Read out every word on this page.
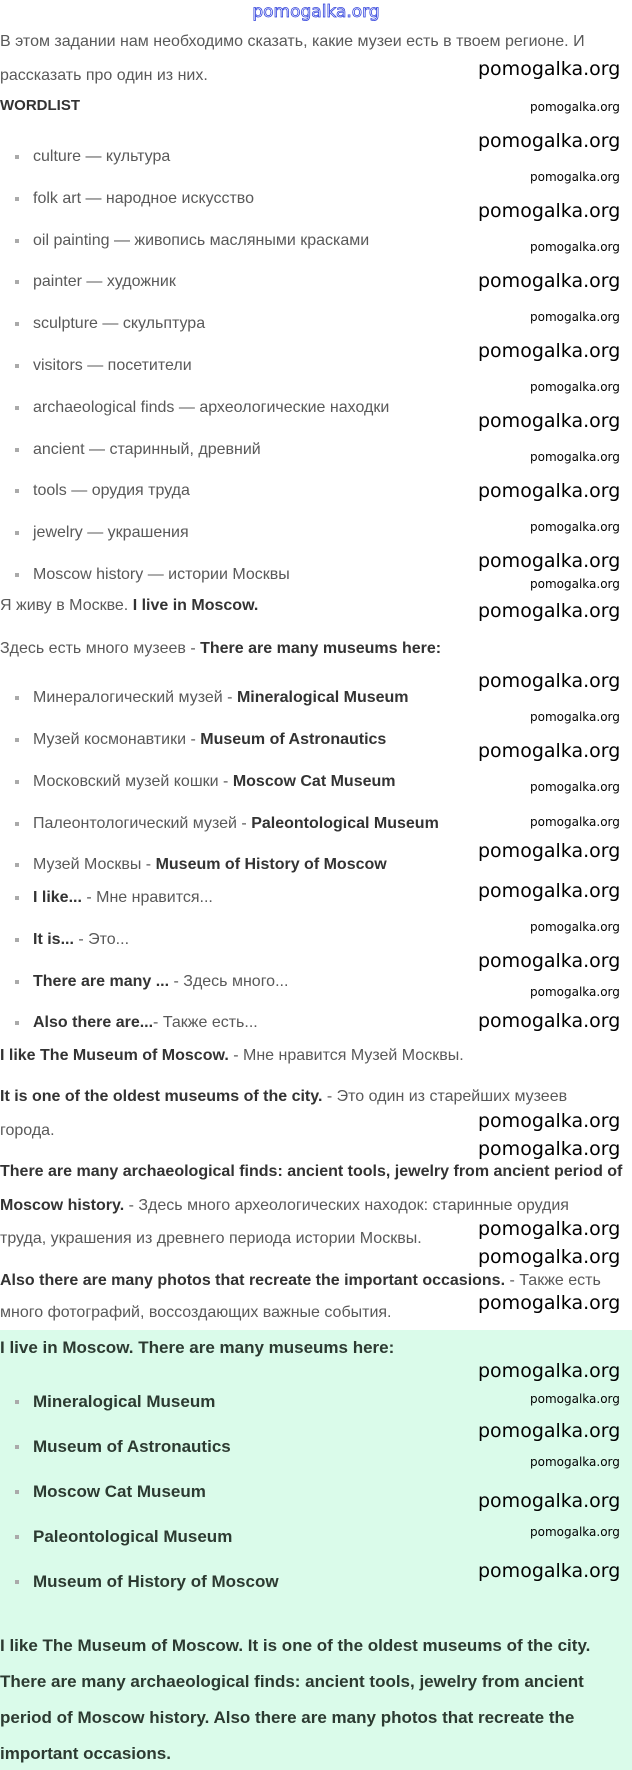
WORDLIST
В этом задании нам необходимо сказать, какие музеи есть в твоем регионе. И
рассказать про один из них.
culture — культура
folk art — народное искусство
oil painting — живопись масляными красками
painter — художник
sculpture — скульптура
visitors — посетители
archaeological finds — археологические находки
ancient — старинный, древний
tools — орудия труда
jewelry — украшения
Moscow history — истории Москвы
Я живу в Москве. I live in Moscow.
Здесь есть много музеев - There are many museums here:
Минералогический музей - Mineralogical Museum
Музей космонавтики - Museum of Astronautics
Московский музей кошки - Moscow Cat Museum
Палеонтологический музей - Paleontological Museum
Музей Москвы - Museum of History of Moscow
I like... - Мне нравится...
It is... - Это...
There are many ... - Здесь много...
Also there are...- Также есть...
I like The Museum of Moscow. - Мне нравится Музей Москвы.
It is one of the oldest museums of the city. - Это один из старейших музеев
города.
There are many archaeological finds: ancient tools, jewelry from ancient period of
Moscow history. - Здесь много археологических находок: старинные орудия
труда, украшения из древнего периода истории Москвы.
Also there are many photos that recreate the important occasions. - Также есть
много фотографий, воссоздающих важные события.
I live in Moscow. There are many museums here:
Mineralogical Museum
Museum of Astronautics
Moscow Cat Museum
Paleontological Museum
Museum of History of Moscow
I like The Museum of Moscow. It is one of the oldest museums of the city.
There are many archaeological finds: ancient tools, jewelry from ancient
period of Moscow history. Also there are many photos that recreate the
important occasions.
pomogalka.org
pomogalka.org
pomogalka.org
pomogalka.org
pomogalka.org
pomogalka.org
pomogalka.org
pomogalka.org
pomogalka.org
pomogalka.org
pomogalka.org
pomogalka.org
pomogalka.org
pomogalka.org
pomogalka.org
pomogalka.org
pomogalka.org
pomogalka.org
pomogalka.org
pomogalka.org
pomogalka.org
pomogalka.org
pomogalka.org
pomogalka.org
pomogalka.org
pomogalka.org
pomogalka.org
pomogalka.org
pomogalka.org
pomogalka.org
pomogalka.org
pomogalka.org
pomogalka.org
pomogalka.org
pomogalka.org
pomogalka.org
pomogalka.org
pomogalka.org
pomogalka.org
pomogalka.org
pomogalka.org
